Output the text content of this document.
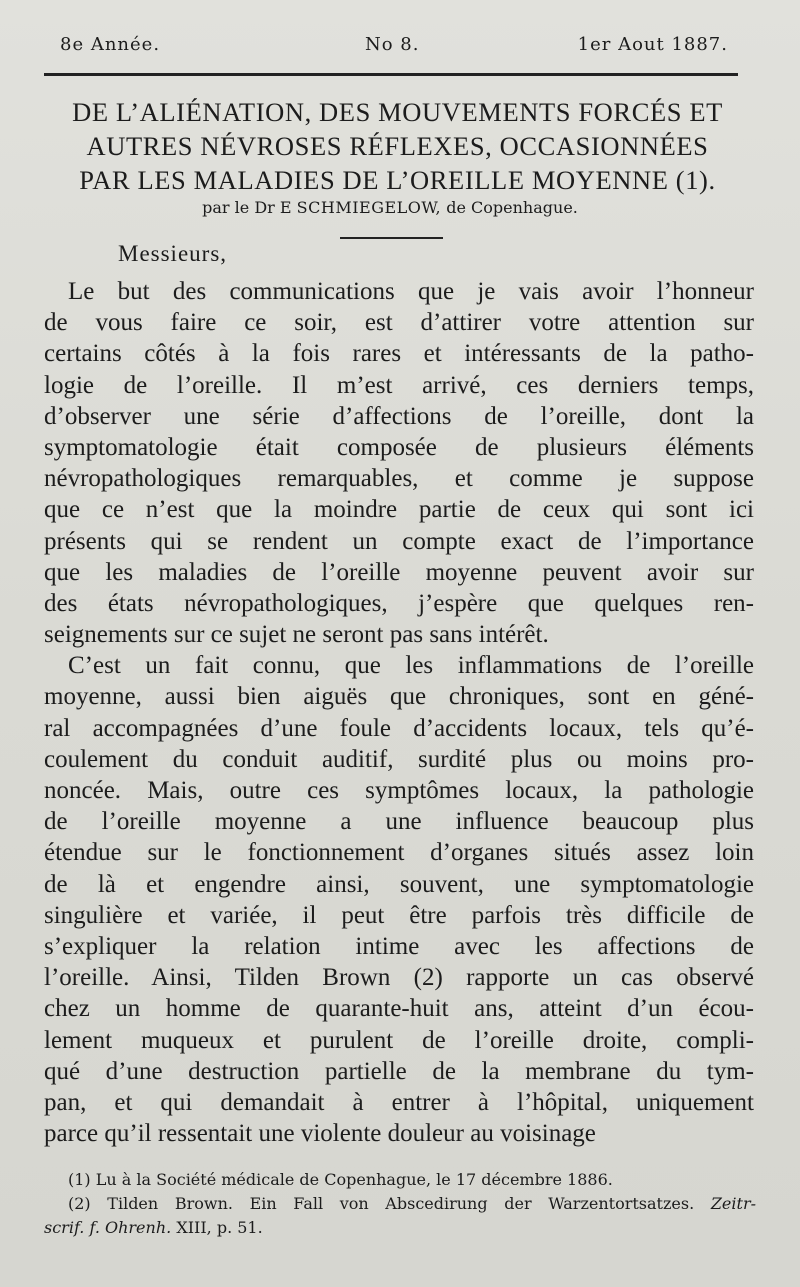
8e Année.	No 8.	1er Aout 1887.
DE L’ALIÉNATION, DES MOUVEMENTS FORCÉS ET
AUTRES NÉVROSES RÉFLEXES, OCCASIONNÉES
PAR LES MALADIES DE L’OREILLE MOYENNE (1).
par le Dr E SCHMIEGELOW, de Copenhague.
Messieurs,
Le but des communications que je vais avoir l’honneur
de vous faire ce soir, est d’attirer votre attention sur
certains côtés à la fois rares et intéressants de la patho-
logie de l’oreille. Il m’est arrivé, ces derniers temps,
d’observer une série d’affections de l’oreille, dont la
symptomatologie était composée de plusieurs éléments
névropathologiques remarquables, et comme je suppose
que ce n’est que la moindre partie de ceux qui sont ici
présents qui se rendent un compte exact de l’importance
que les maladies de l’oreille moyenne peuvent avoir sur
des états névropathologiques, j’espère que quelques ren-
seignements sur ce sujet ne seront pas sans intérêt.
C’est un fait connu, que les inflammations de l’oreille
moyenne, aussi bien aiguës que chroniques, sont en géné-
ral accompagnées d’une foule d’accidents locaux, tels qu’é-
coulement du conduit auditif, surdité plus ou moins pro-
noncée. Mais, outre ces symptômes locaux, la pathologie
de l’oreille moyenne a une influence beaucoup plus
étendue sur le fonctionnement d’organes situés assez loin
de là et engendre ainsi, souvent, une symptomatologie
singulière et variée, il peut être parfois très difficile de
s’expliquer la relation intime avec les affections de
l’oreille. Ainsi, Tilden Brown (2) rapporte un cas observé
chez un homme de quarante-huit ans, atteint d’un écou-
lement muqueux et purulent de l’oreille droite, compli-
qué d’une destruction partielle de la membrane du tym-
pan, et qui demandait à entrer à l’hôpital, uniquement
parce qu’il ressentait une violente douleur au voisinage
(1) Lu à la Société médicale de Copenhague, le 17 décembre 1886.
(2) Tilden Brown. Ein Fall von Abscedirung der Warzentortsatzes. Zeitr-
scrif. f. Ohrenh. XIII, p. 51.
